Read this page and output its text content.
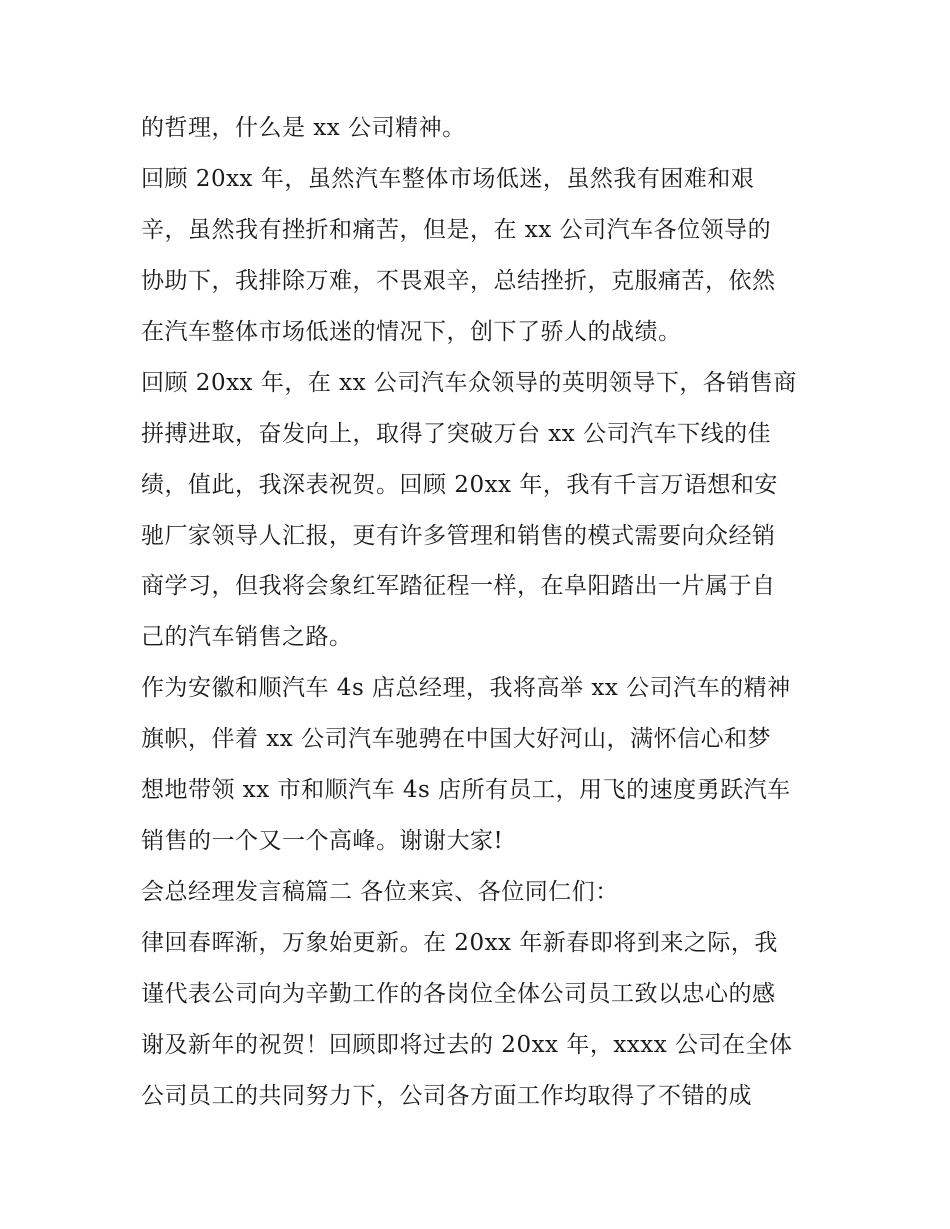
的哲理，什么是 xx 公司精神。
回顾 20xx 年，虽然汽车整体市场低迷，虽然我有困难和艰
辛，虽然我有挫折和痛苦，但是，在 xx 公司汽车各位领导的
协助下，我排除万难，不畏艰辛，总结挫折，克服痛苦，依然
在汽车整体市场低迷的情况下，创下了骄人的战绩。
回顾 20xx 年，在 xx 公司汽车众领导的英明领导下，各销售商
拼搏进取，奋发向上，取得了突破万台 xx 公司汽车下线的佳
绩，值此，我深表祝贺。回顾 20xx 年，我有千言万语想和安
驰厂家领导人汇报，更有许多管理和销售的模式需要向众经销
商学习，但我将会象红军踏征程一样，在阜阳踏出一片属于自
己的汽车销售之路。
作为安徽和顺汽车 4s 店总经理，我将高举 xx 公司汽车的精神
旗帜，伴着 xx 公司汽车驰骋在中国大好河山，满怀信心和梦
想地带领 xx 市和顺汽车 4s 店所有员工，用飞的速度勇跃汽车
销售的一个又一个高峰。谢谢大家!
会总经理发言稿篇二 各位来宾、各位同仁们：
律回春晖渐，万象始更新。在 20xx 年新春即将到来之际，我
谨代表公司向为辛勤工作的各岗位全体公司员工致以忠心的感
谢及新年的祝贺！回顾即将过去的 20xx 年，xxxx 公司在全体
公司员工的共同努力下，公司各方面工作均取得了不错的成
